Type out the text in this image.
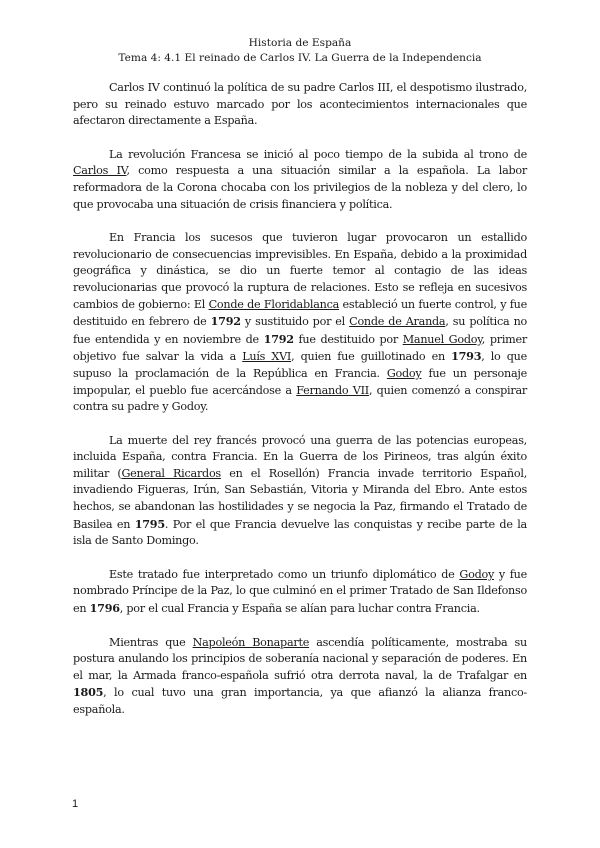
Historia de España
Tema 4: 4.1 El reinado de Carlos IV. La Guerra de la Independencia

Carlos IV continuó la política de su padre Carlos III, el despotismo ilustrado, pero su reinado estuvo marcado por los acontecimientos internacionales que afectaron directamente a España.

La revolución Francesa se inició al poco tiempo de la subida al trono de Carlos IV, como respuesta a una situación similar a la española. La labor reformadora de la Corona chocaba con los privilegios de la nobleza y del clero, lo que provocaba una situación de crisis financiera y política.

En Francia los sucesos que tuvieron lugar provocaron un estallido revolucionario de consecuencias imprevisibles. En España, debido a la proximidad geográfica y dinástica, se dio un fuerte temor al contagio de las ideas revolucionarias que provocó la ruptura de relaciones. Esto se refleja en sucesivos cambios de gobierno: El Conde de Floridablanca estableció un fuerte control, y fue destituido en febrero de 1792 y sustituido por el Conde de Aranda, su política no fue entendida y en noviembre de 1792 fue destituido por Manuel Godoy, primer objetivo fue salvar la vida a Luís XVI, quien fue guillotinado en 1793, lo que supuso la proclamación de la República en Francia. Godoy fue un personaje impopular, el pueblo fue acercándose a Fernando VII, quien comenzó a conspirar contra su padre y Godoy.

La muerte del rey francés provocó una guerra de las potencias europeas, incluida España, contra Francia. En la Guerra de los Pirineos, tras algún éxito militar (General Ricardos en el Rosellón) Francia invade territorio Español, invadiendo Figueras, Irún, San Sebastián, Vitoria y Miranda del Ebro. Ante estos hechos, se abandonan las hostilidades y se negocia la Paz, firmando el Tratado de Basilea en 1795. Por el que Francia devuelve las conquistas y recibe parte de la isla de Santo Domingo.

Este tratado fue interpretado como un triunfo diplomático de Godoy y fue nombrado Príncipe de la Paz, lo que culminó en el primer Tratado de San Ildefonso en 1796, por el cual Francia y España se alían para luchar contra Francia.

Mientras que Napoleón Bonaparte ascendía políticamente, mostraba su postura anulando los principios de soberanía nacional y separación de poderes. En el mar, la Armada franco-española sufrió otra derrota naval, la de Trafalgar en 1805, lo cual tuvo una gran importancia, ya que afianzó la alianza franco-española.

1
